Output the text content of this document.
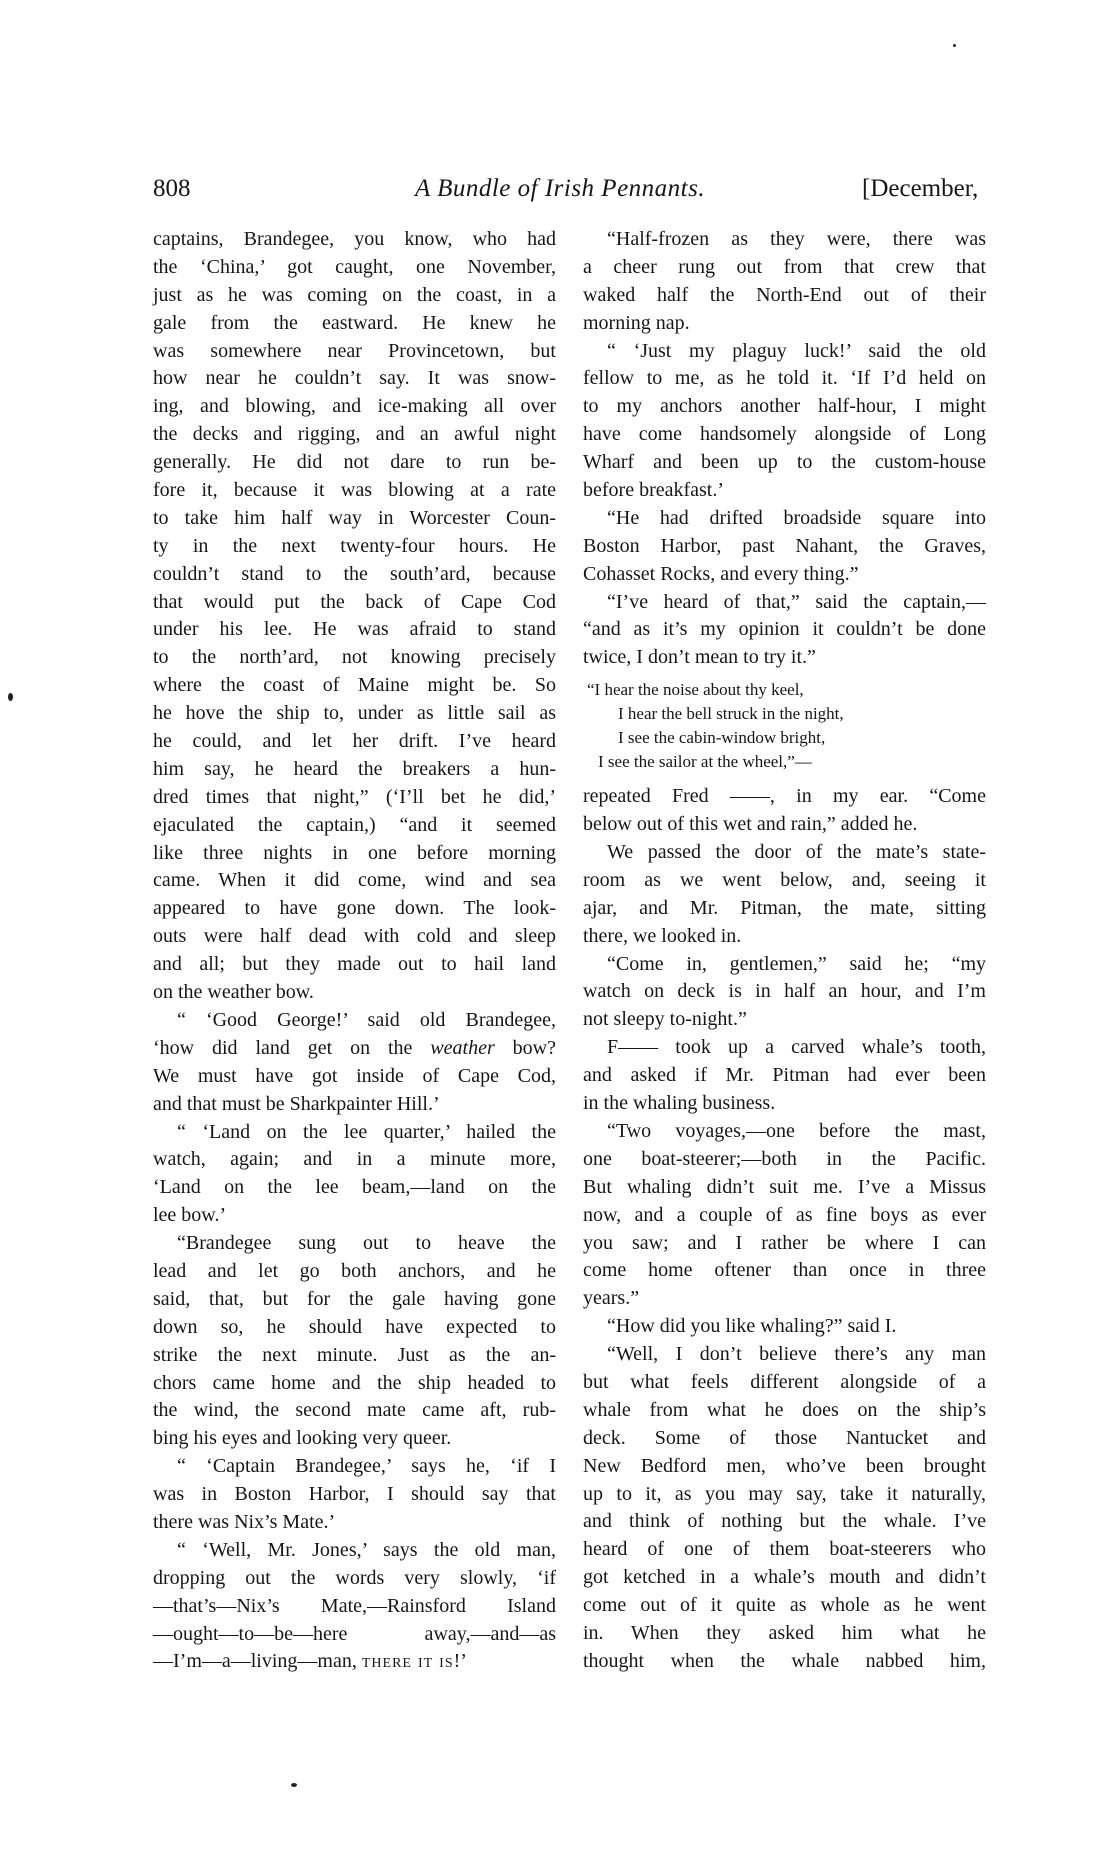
808	A Bundle of Irish Pennants.	[December,
captains, Brandegee, you know, who had
the ‘China,’ got caught, one November,
just as he was coming on the coast, in a
gale from the eastward. He knew he
was somewhere near Provincetown, but
how near he couldn’t say. It was snow-
ing, and blowing, and ice-making all over
the decks and rigging, and an awful night
generally. He did not dare to run be-
fore it, because it was blowing at a rate
to take him half way in Worcester Coun-
ty in the next twenty-four hours. He
couldn’t stand to the south’ard, because
that would put the back of Cape Cod
under his lee. He was afraid to stand
to the north’ard, not knowing precisely
where the coast of Maine might be. So
he hove the ship to, under as little sail as
he could, and let her drift. I’ve heard
him say, he heard the breakers a hun-
dred times that night,” (‘I’ll bet he did,’
ejaculated the captain,) “and it seemed
like three nights in one before morning
came. When it did come, wind and sea
appeared to have gone down. The look-
outs were half dead with cold and sleep
and all; but they made out to hail land
on the weather bow.
“ ‘Good George!’ said old Brandegee,
‘how did land get on the weather bow?
We must have got inside of Cape Cod,
and that must be Sharkpainter Hill.’
“ ‘Land on the lee quarter,’ hailed the
watch, again; and in a minute more,
‘Land on the lee beam,—land on the
lee bow.’
“Brandegee sung out to heave the
lead and let go both anchors, and he
said, that, but for the gale having gone
down so, he should have expected to
strike the next minute. Just as the an-
chors came home and the ship headed to
the wind, the second mate came aft, rub-
bing his eyes and looking very queer.
“ ‘Captain Brandegee,’ says he, ‘if I
was in Boston Harbor, I should say that
there was Nix’s Mate.’
“ ‘Well, Mr. Jones,’ says the old man,
dropping out the words very slowly, ‘if
—that’s—Nix’s Mate,—Rainsford Island
—ought—to—be—here away,—and—as
—I’m—a—living—man, there it is!’
“Half-frozen as they were, there was
a cheer rung out from that crew that
waked half the North-End out of their
morning nap.
“ ‘Just my plaguy luck!’ said the old
fellow to me, as he told it. ‘If I’d held on
to my anchors another half-hour, I might
have come handsomely alongside of Long
Wharf and been up to the custom-house
before breakfast.’
“He had drifted broadside square into
Boston Harbor, past Nahant, the Graves,
Cohasset Rocks, and every thing.”
“I’ve heard of that,” said the captain,—
“and as it’s my opinion it couldn’t be done
twice, I don’t mean to try it.”
“I hear the noise about thy keel,
I hear the bell struck in the night,
I see the cabin-window bright,
I see the sailor at the wheel,”—
repeated Fred ——, in my ear. “Come
below out of this wet and rain,” added he.
We passed the door of the mate’s state-
room as we went below, and, seeing it
ajar, and Mr. Pitman, the mate, sitting
there, we looked in.
“Come in, gentlemen,” said he; “my
watch on deck is in half an hour, and I’m
not sleepy to-night.”
F—— took up a carved whale’s tooth,
and asked if Mr. Pitman had ever been
in the whaling business.
“Two voyages,—one before the mast,
one boat-steerer;—both in the Pacific.
But whaling didn’t suit me. I’ve a Missus
now, and a couple of as fine boys as ever
you saw; and I rather be where I can
come home oftener than once in three
years.”
“How did you like whaling?” said I.
“Well, I don’t believe there’s any man
but what feels different alongside of a
whale from what he does on the ship’s
deck. Some of those Nantucket and
New Bedford men, who’ve been brought
up to it, as you may say, take it naturally,
and think of nothing but the whale. I’ve
heard of one of them boat-steerers who
got ketched in a whale’s mouth and didn’t
come out of it quite as whole as he went
in. When they asked him what he
thought when the whale nabbed him,
